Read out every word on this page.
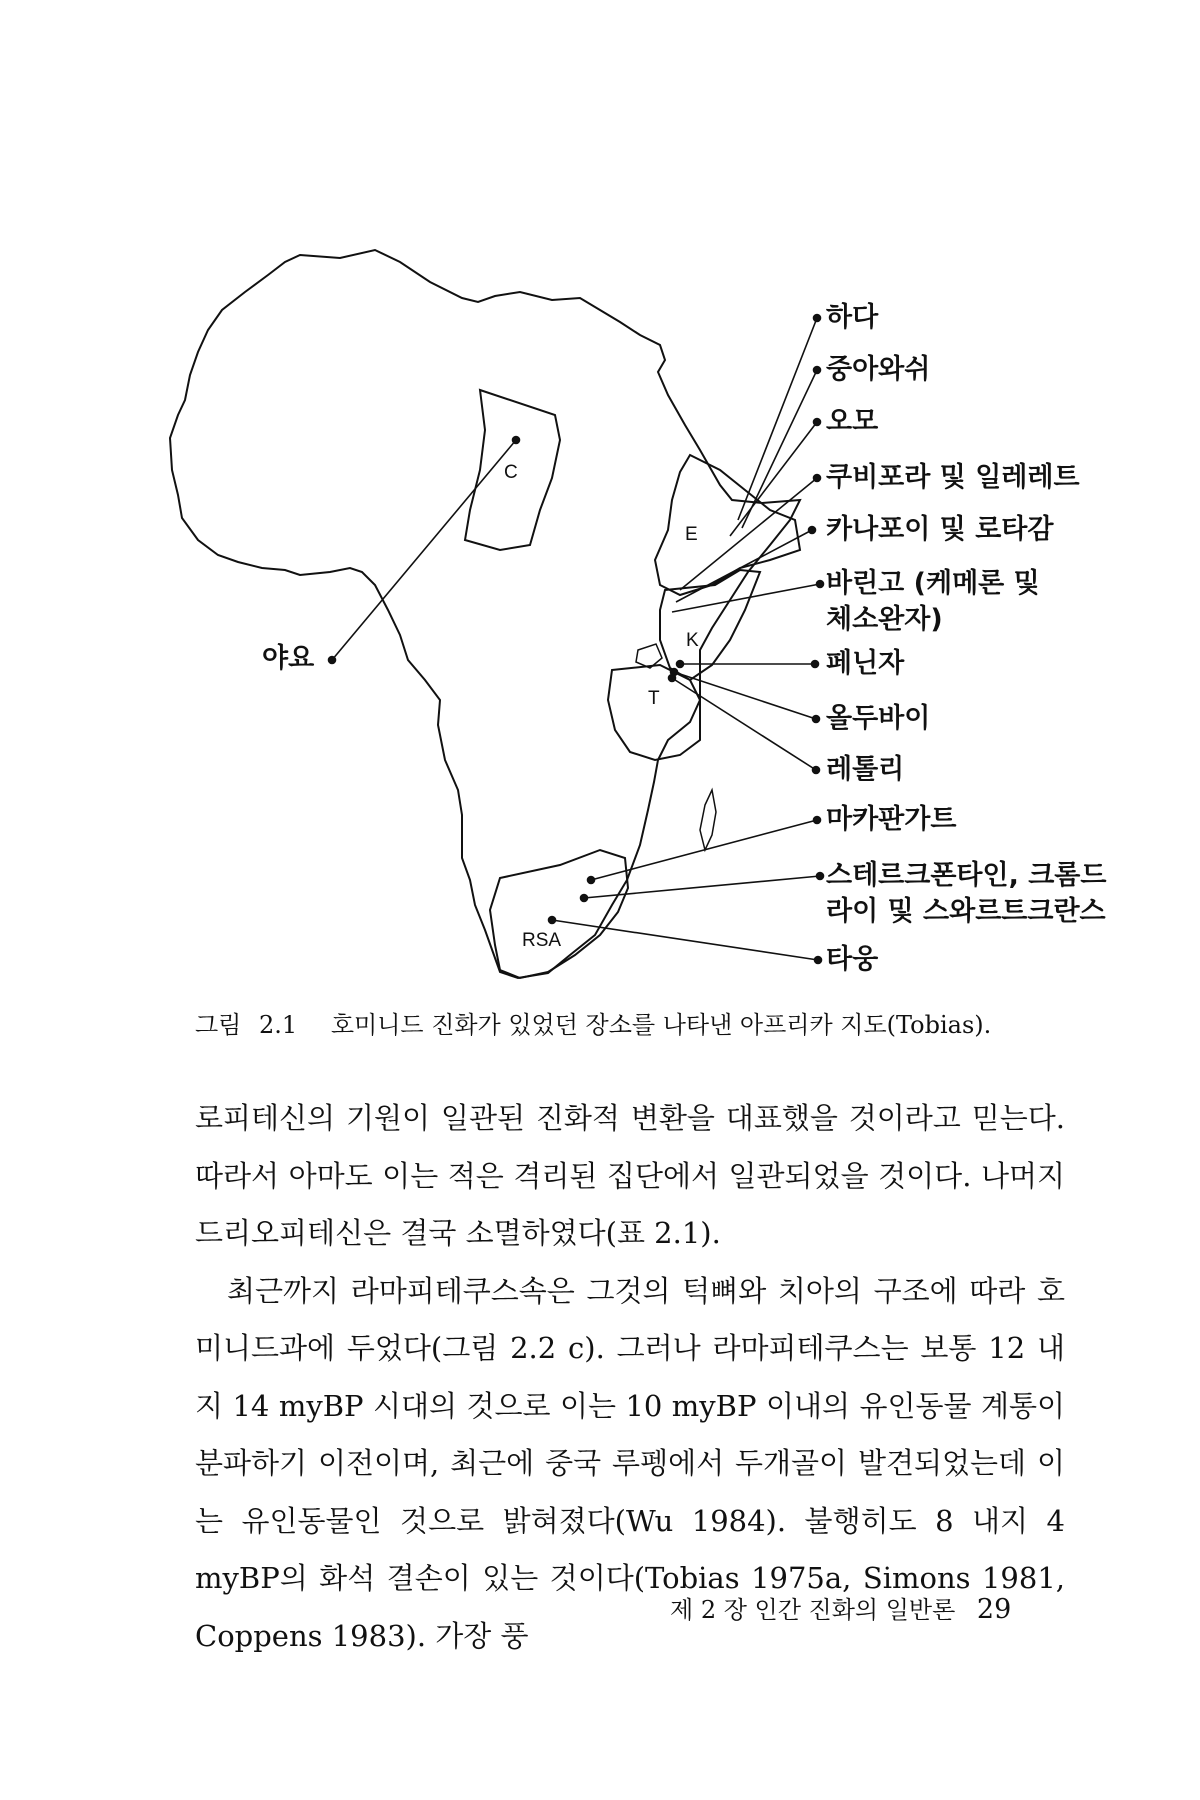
C
E
K
T
RSA
야요
하다
중아와쉬
오모
쿠비포라 및 일레레트
카나포이 및 로타감
바린고 (케메론 및
체소완자)
페닌자
올두바이
레톨리
마카판가트
스테르크폰타인, 크롬드
라이 및 스와르트크란스
타웅
그림 2.1 호미니드 진화가 있었던 장소를 나타낸 아프리카 지도(Tobias).

로피테신의 기원이 일관된 진화적 변환을 대표했을 것이라고 믿는다. 따라서 아마도 이는 적은 격리된 집단에서 일관되었을 것이다. 나머지 드리오피테신은 결국 소멸하였다(표 2.1).

최근까지 라마피테쿠스속은 그것의 턱뼈와 치아의 구조에 따라 호미니드과에 두었다(그림 2.2 c). 그러나 라마피테쿠스는 보통 12 내지 14 myBP 시대의 것으로 이는 10 myBP 이내의 유인동물 계통이 분파하기 이전이며, 최근에 중국 루펭에서 두개골이 발견되었는데 이는 유인동물인 것으로 밝혀졌다(Wu 1984). 불행히도 8 내지 4 myBP의 화석 결손이 있는 것이다(Tobias 1975a, Simons 1981, Coppens 1983). 가장 풍

제 2 장 인간 진화의 일반론 29
